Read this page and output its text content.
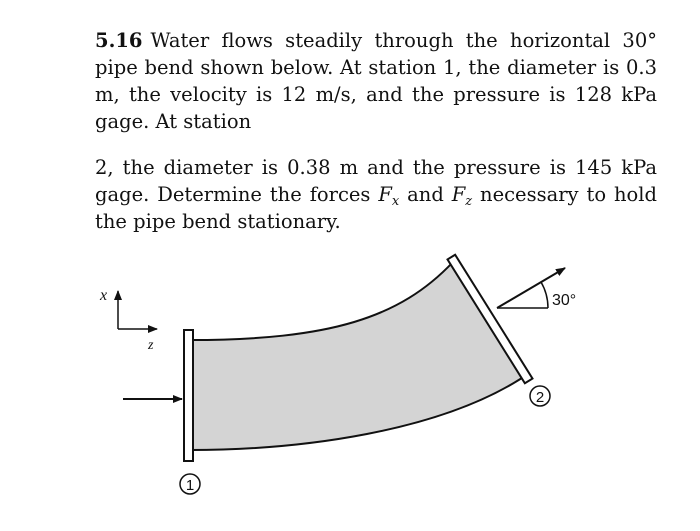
5.16 Water flows steadily through the horizontal 30° pipe bend shown below. At station 1, the diameter is 0.3 m, the velocity is 12 m/s, and the pressure is 128 kPa gage. At station

2, the diameter is 0.38 m and the pressure is 145 kPa gage. Determine the forces $F_x$ and $F_z$ necessary to hold the pipe bend stationary.

30°
x
z
1
2
